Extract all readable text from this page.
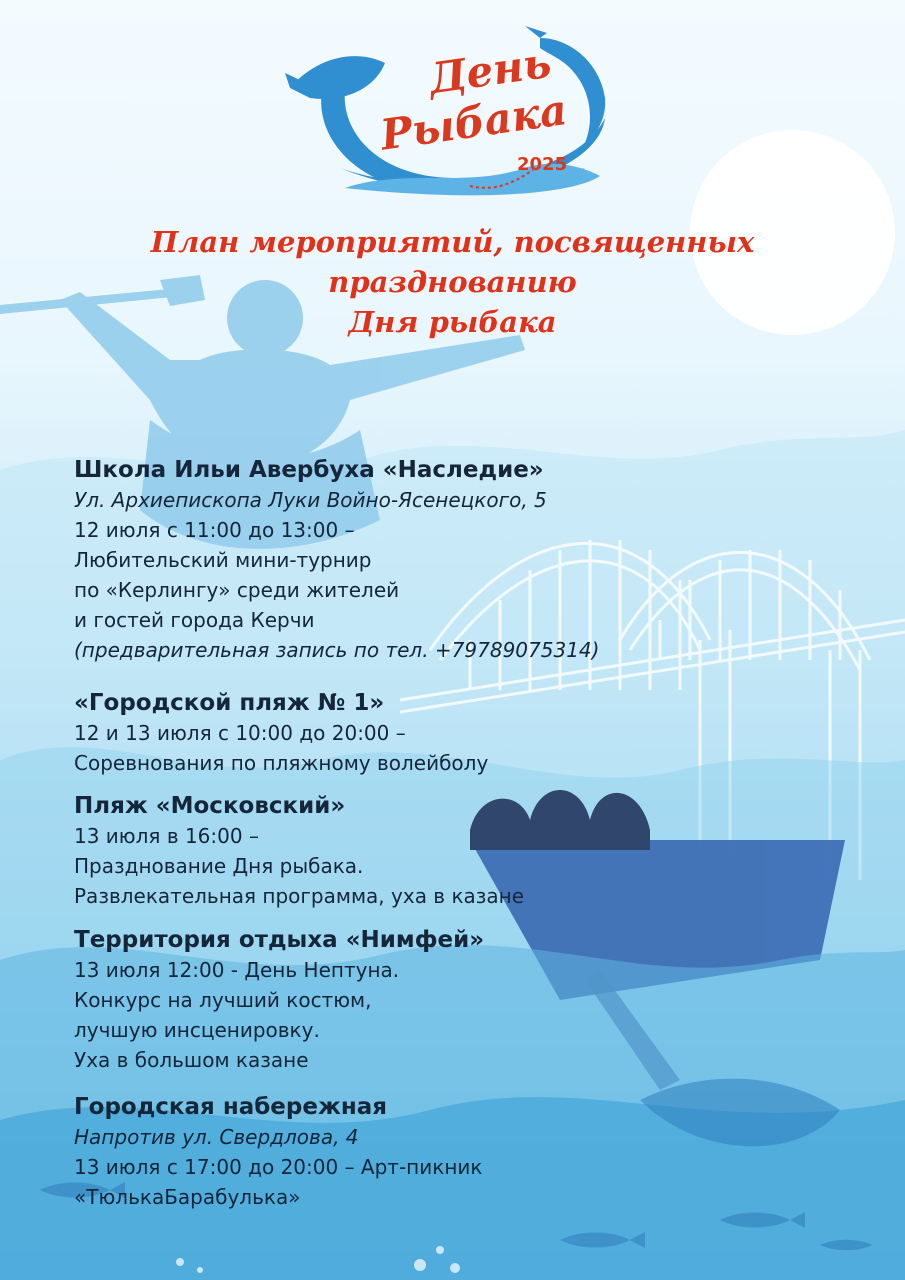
День
Рыбака
2025
План мероприятий, посвященных празднованию
Дня рыбака
Школа Ильи Авербуха «Наследие»
Ул. Архиепископа Луки Войно-Ясенецкого, 5
12 июля с 11:00 до 13:00 –
Любительский мини-турнир
по «Керлингу» среди жителей
и гостей города Керчи
(предварительная запись по тел. +79789075314)
«Городской пляж № 1»
12 и 13 июля с 10:00 до 20:00 –
Соревнования по пляжному волейболу
Пляж «Московский»
13 июля в 16:00 –
Празднование Дня рыбака.
Развлекательная программа, уха в казане
Территория отдыха «Нимфей»
13 июля 12:00 - День Нептуна.
Конкурс на лучший костюм,
лучшую инсценировку.
Уха в большом казане
Городская набережная
Напротив ул. Свердлова, 4
13 июля с 17:00 до 20:00 – Арт-пикник
«ТюлькаБарабулька»
